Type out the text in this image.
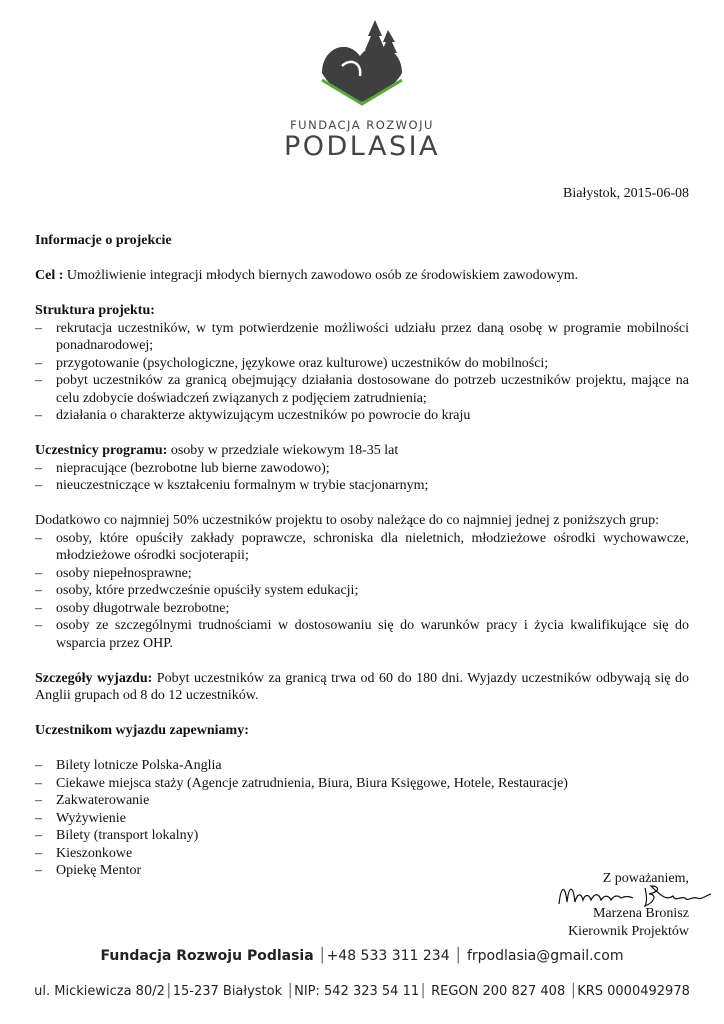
FUNDACJA ROZWOJU
PODLASIA
Białystok, 2015-06-08

Informacje o projekcie

Cel : Umożliwienie integracji młodych biernych zawodowo osób ze środowiskiem zawodowym.

Struktura projektu:

– rekrutacja uczestników, w tym potwierdzenie możliwości udziału przez daną osobę w programie mobilności ponadnarodowej;
– przygotowanie (psychologiczne, językowe oraz kulturowe) uczestników do mobilności;
– pobyt uczestników za granicą obejmujący działania dostosowane do potrzeb uczestników projektu, mające na celu zdobycie doświadczeń związanych z podjęciem zatrudnienia;
– działania o charakterze aktywizującym uczestników po powrocie do kraju

Uczestnicy programu: osoby w przedziale wiekowym 18-35 lat

– niepracujące (bezrobotne lub bierne zawodowo);
– nieuczestniczące w kształceniu formalnym w trybie stacjonarnym;

Dodatkowo co najmniej 50% uczestników projektu to osoby należące do co najmniej jednej z poniższych grup:

– osoby, które opuściły zakłady poprawcze, schroniska dla nieletnich, młodzieżowe ośrodki wychowawcze, młodzieżowe ośrodki socjoterapii;
– osoby niepełnosprawne;
– osoby, które przedwcześnie opuściły system edukacji;
– osoby długotrwale bezrobotne;
– osoby ze szczególnymi trudnościami w dostosowaniu się do warunków pracy i życia kwalifikujące się do wsparcia przez OHP.

Szczegóły wyjazdu: Pobyt uczestników za granicą trwa od 60 do 180 dni. Wyjazdy uczestników odbywają się do Anglii grupach od 8 do 12 uczestników.

Uczestnikom wyjazdu zapewniamy:

– Bilety lotnicze Polska-Anglia
– Ciekawe miejsca staży (Agencje zatrudnienia, Biura, Biura Księgowe, Hotele, Restauracje)
– Zakwaterowanie
– Wyżywienie
– Bilety (transport lokalny)
– Kieszonkowe
– Opiekę Mentor
Z poważaniem,
Marzena Bronisz
Kierownik Projektów
Fundacja Rozwoju Podlasia │+48 533 311 234 │ frpodlasia@gmail.com
ul. Mickiewicza 80/2│15-237 Białystok │NIP: 542 323 54 11│ REGON 200 827 408 │KRS 0000492978
